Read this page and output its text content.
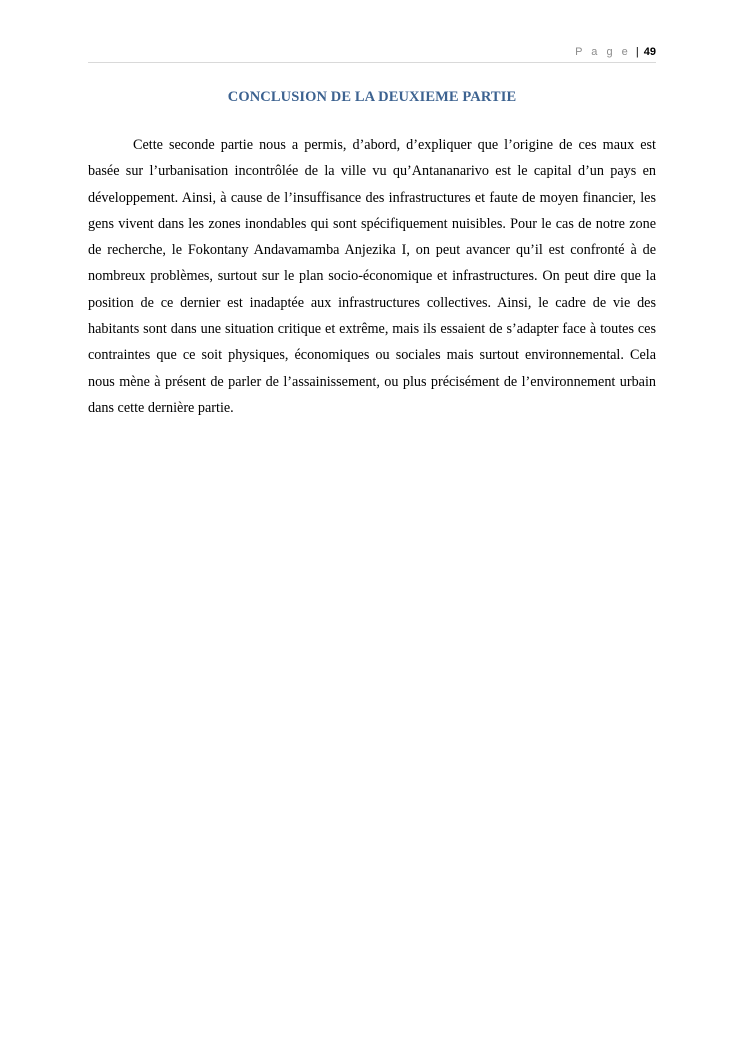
P a g e | 49
CONCLUSION DE LA DEUXIEME PARTIE

Cette seconde partie nous a permis, d’abord, d’expliquer que l’origine de ces maux est basée sur l’urbanisation incontrôlée de la ville vu qu’Antananarivo est le capital d’un pays en développement. Ainsi, à cause de l’insuffisance des infrastructures et faute de moyen financier, les gens vivent dans les zones inondables qui sont spécifiquement nuisibles. Pour le cas de notre zone de recherche, le Fokontany Andavamamba Anjezika I, on peut avancer qu’il est confronté à de nombreux problèmes, surtout sur le plan socio-économique et infrastructures. On peut dire que la position de ce dernier est inadaptée aux infrastructures collectives. Ainsi, le cadre de vie des habitants sont dans une situation critique et extrême, mais ils essaient de s’adapter face à toutes ces contraintes que ce soit physiques, économiques ou sociales mais surtout environnemental. Cela nous mène à présent de parler de l’assainissement, ou plus précisément de l’environnement urbain dans cette dernière partie.
